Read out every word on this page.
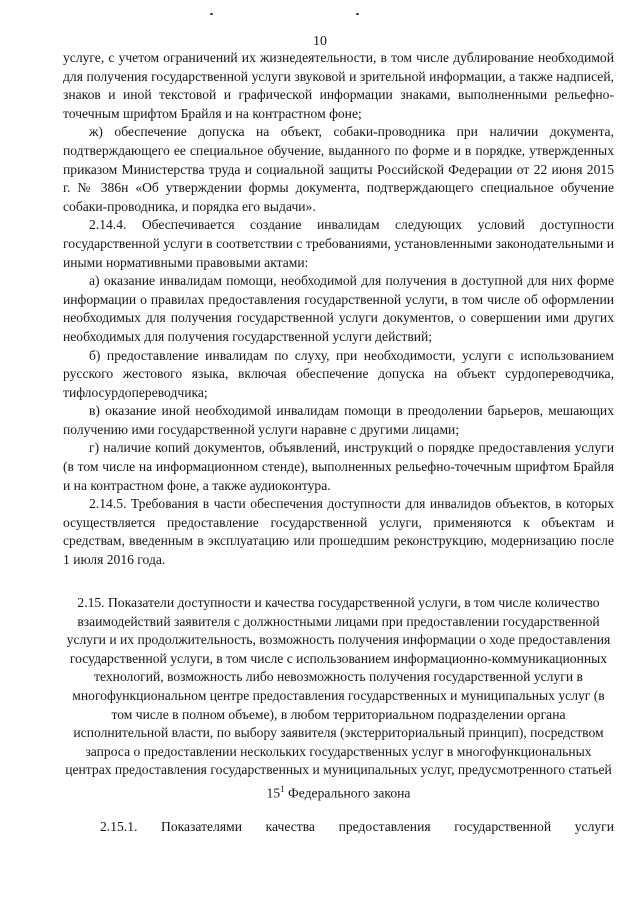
10

услуге, с учетом ограничений их жизнедеятельности, в том числе дублирование необходимой для получения государственной услуги звуковой и зрительной информации, а также надписей, знаков и иной текстовой и графической информации знаками, выполненными рельефно-точечным шрифтом Брайля и на контрастном фоне;

ж) обеспечение допуска на объект, собаки-проводника при наличии документа, подтверждающего ее специальное обучение, выданного по форме и в порядке, утвержденных приказом Министерства труда и социальной защиты Российской Федерации от 22 июня 2015 г. № 386н «Об утверждении формы документа, подтверждающего специальное обучение собаки-проводника, и порядка его выдачи».

2.14.4. Обеспечивается создание инвалидам следующих условий доступности государственной услуги в соответствии с требованиями, установленными законодательными и иными нормативными правовыми актами:

а) оказание инвалидам помощи, необходимой для получения в доступной для них форме информации о правилах предоставления государственной услуги, в том числе об оформлении необходимых для получения государственной услуги документов, о совершении ими других необходимых для получения государственной услуги действий;

б) предоставление инвалидам по слуху, при необходимости, услуги с использованием русского жестового языка, включая обеспечение допуска на объект сурдопереводчика, тифлосурдопереводчика;

в) оказание иной необходимой инвалидам помощи в преодолении барьеров, мешающих получению ими государственной услуги наравне с другими лицами;

г) наличие копий документов, объявлений, инструкций о порядке предоставления услуги (в том числе на информационном стенде), выполненных рельефно-точечным шрифтом Брайля и на контрастном фоне, а также аудиоконтура.

2.14.5. Требования в части обеспечения доступности для инвалидов объектов, в которых осуществляется предоставление государственной услуги, применяются к объектам и средствам, введенным в эксплуатацию или прошедшим реконструкцию, модернизацию после 1 июля 2016 года.

2.15. Показатели доступности и качества государственной услуги, в том числе количество взаимодействий заявителя с должностными лицами при предоставлении государственной услуги и их продолжительность, возможность получения информации о ходе предоставления государственной услуги, в том числе с использованием информационно-коммуникационных технологий, возможность либо невозможность получения государственной услуги в многофункциональном центре предоставления государственных и муниципальных услуг (в том числе в полном объеме), в любом территориальном подразделении органа исполнительной власти, по выбору заявителя (экстерриториальный принцип), посредством запроса о предоставлении нескольких государственных услуг в многофункциональных центрах предоставления государственных и муниципальных услуг, предусмотренного статьей $15^1$ Федерального закона

2.15.1. Показателями качества предоставления государственной услуги
